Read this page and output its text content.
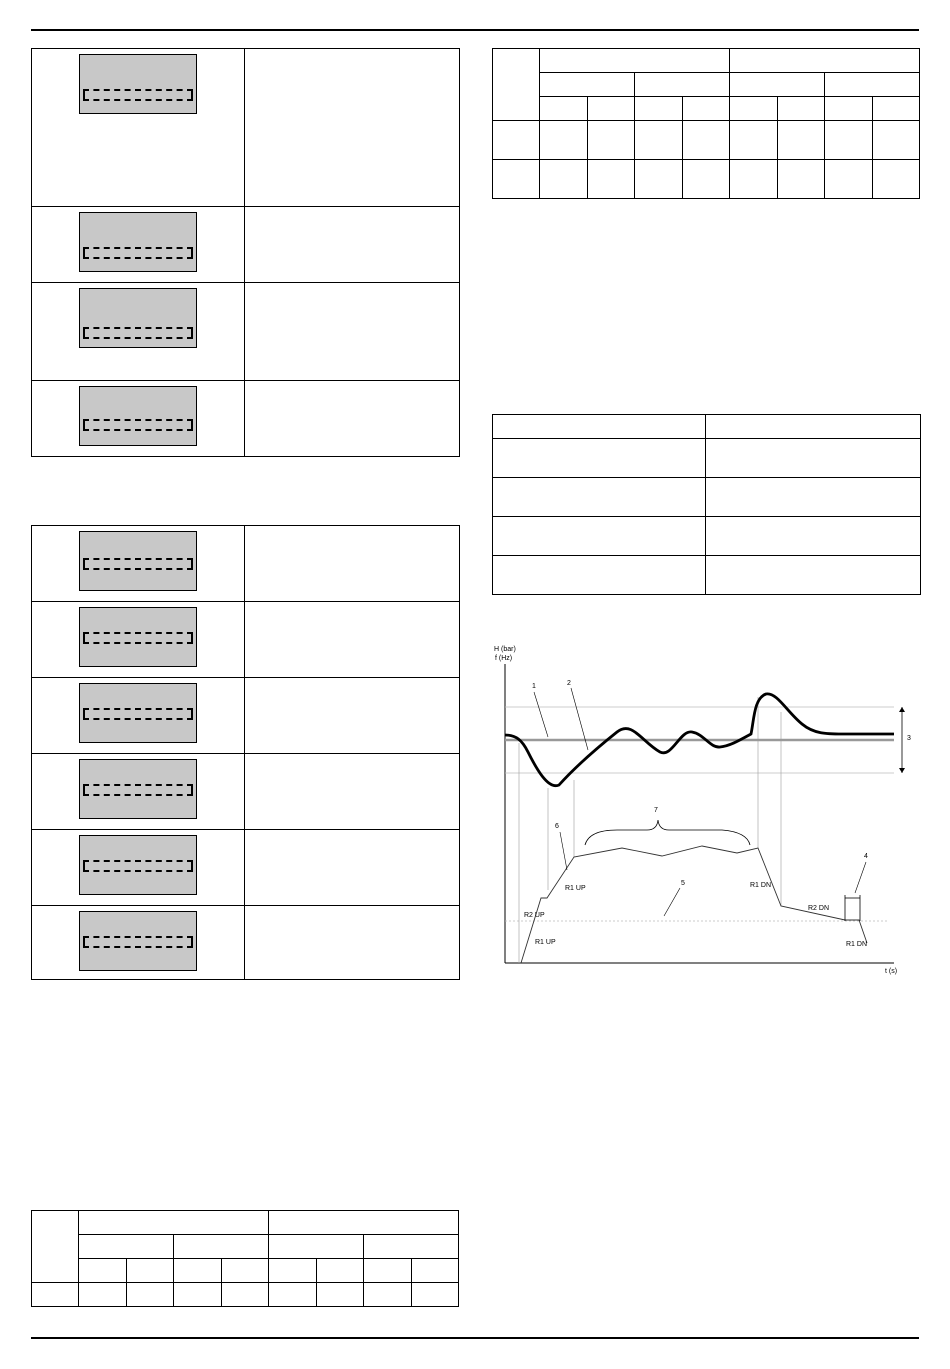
H (bar)
f (Hz)
t (s)
3
7
4
1	2
6
5
R2 UP
R1 UP
R1 UP	R1 DN
R2 DN
R1 DN
